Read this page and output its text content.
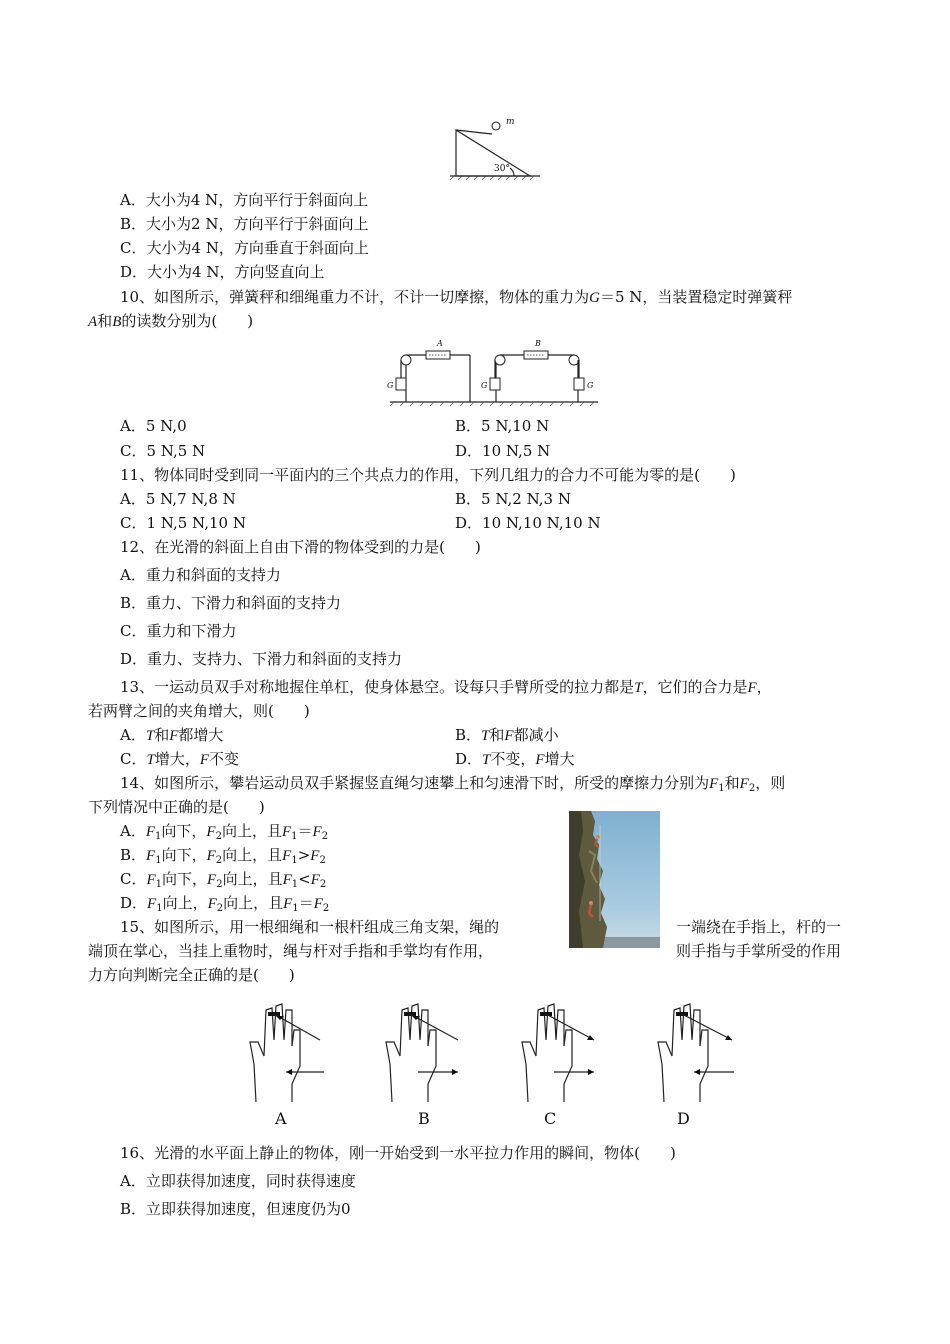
m
30°
A．大小为4 N，方向平行于斜面向上
B．大小为2 N，方向平行于斜面向上
C．大小为4 N，方向垂直于斜面向上
D．大小为4 N，方向竖直向上
10、如图所示，弹簧秤和细绳重力不计，不计一切摩擦，物体的重力为G＝5 N，当装置稳定时弹簧秤
A和B的读数分别为(　　)
A	B
G	G	G
A．5 N,0	B．5 N,10 N
C．5 N,5 N	D．10 N,5 N
11、物体同时受到同一平面内的三个共点力的作用，下列几组力的合力不可能为零的是(　　)
A．5 N,7 N,8 N	B．5 N,2 N,3 N
C．1 N,5 N,10 N	D．10 N,10 N,10 N
12、在光滑的斜面上自由下滑的物体受到的力是(　　)
A．重力和斜面的支持力
B．重力、下滑力和斜面的支持力
C．重力和下滑力
D．重力、支持力、下滑力和斜面的支持力
13、一运动员双手对称地握住单杠，使身体悬空。设每只手臂所受的拉力都是T，它们的合力是F，
若两臂之间的夹角增大，则(　　)
A．T和F都增大	B．T和F都减小
C．T增大，F不变	D．T不变，F增大
14、如图所示，攀岩运动员双手紧握竖直绳匀速攀上和匀速滑下时，所受的摩擦力分别为$F_1$和$F_2$，则
下列情况中正确的是(　　)
A．$F_1$向下，$F_2$向上，且$F_1=F_2$
B．$F_1$向下，$F_2$向上，且$F_1>F_2$
C．$F_1$向下，$F_2$向上，且$F_1<F_2$
D．$F_1$向上，$F_2$向上，且$F_1=F_2$
15、如图所示，用一根细绳和一根杆组成三角支架，绳的	一端绕在手指上，杆的一
端顶在掌心，当挂上重物时，绳与杆对手指和手掌均有作用，	则手指与手掌所受的作用
力方向判断完全正确的是(　　)
A	B	C	D
16、光滑的水平面上静止的物体，刚一开始受到一水平拉力作用的瞬间，物体(　　)
A．立即获得加速度，同时获得速度
B．立即获得加速度，但速度仍为0
